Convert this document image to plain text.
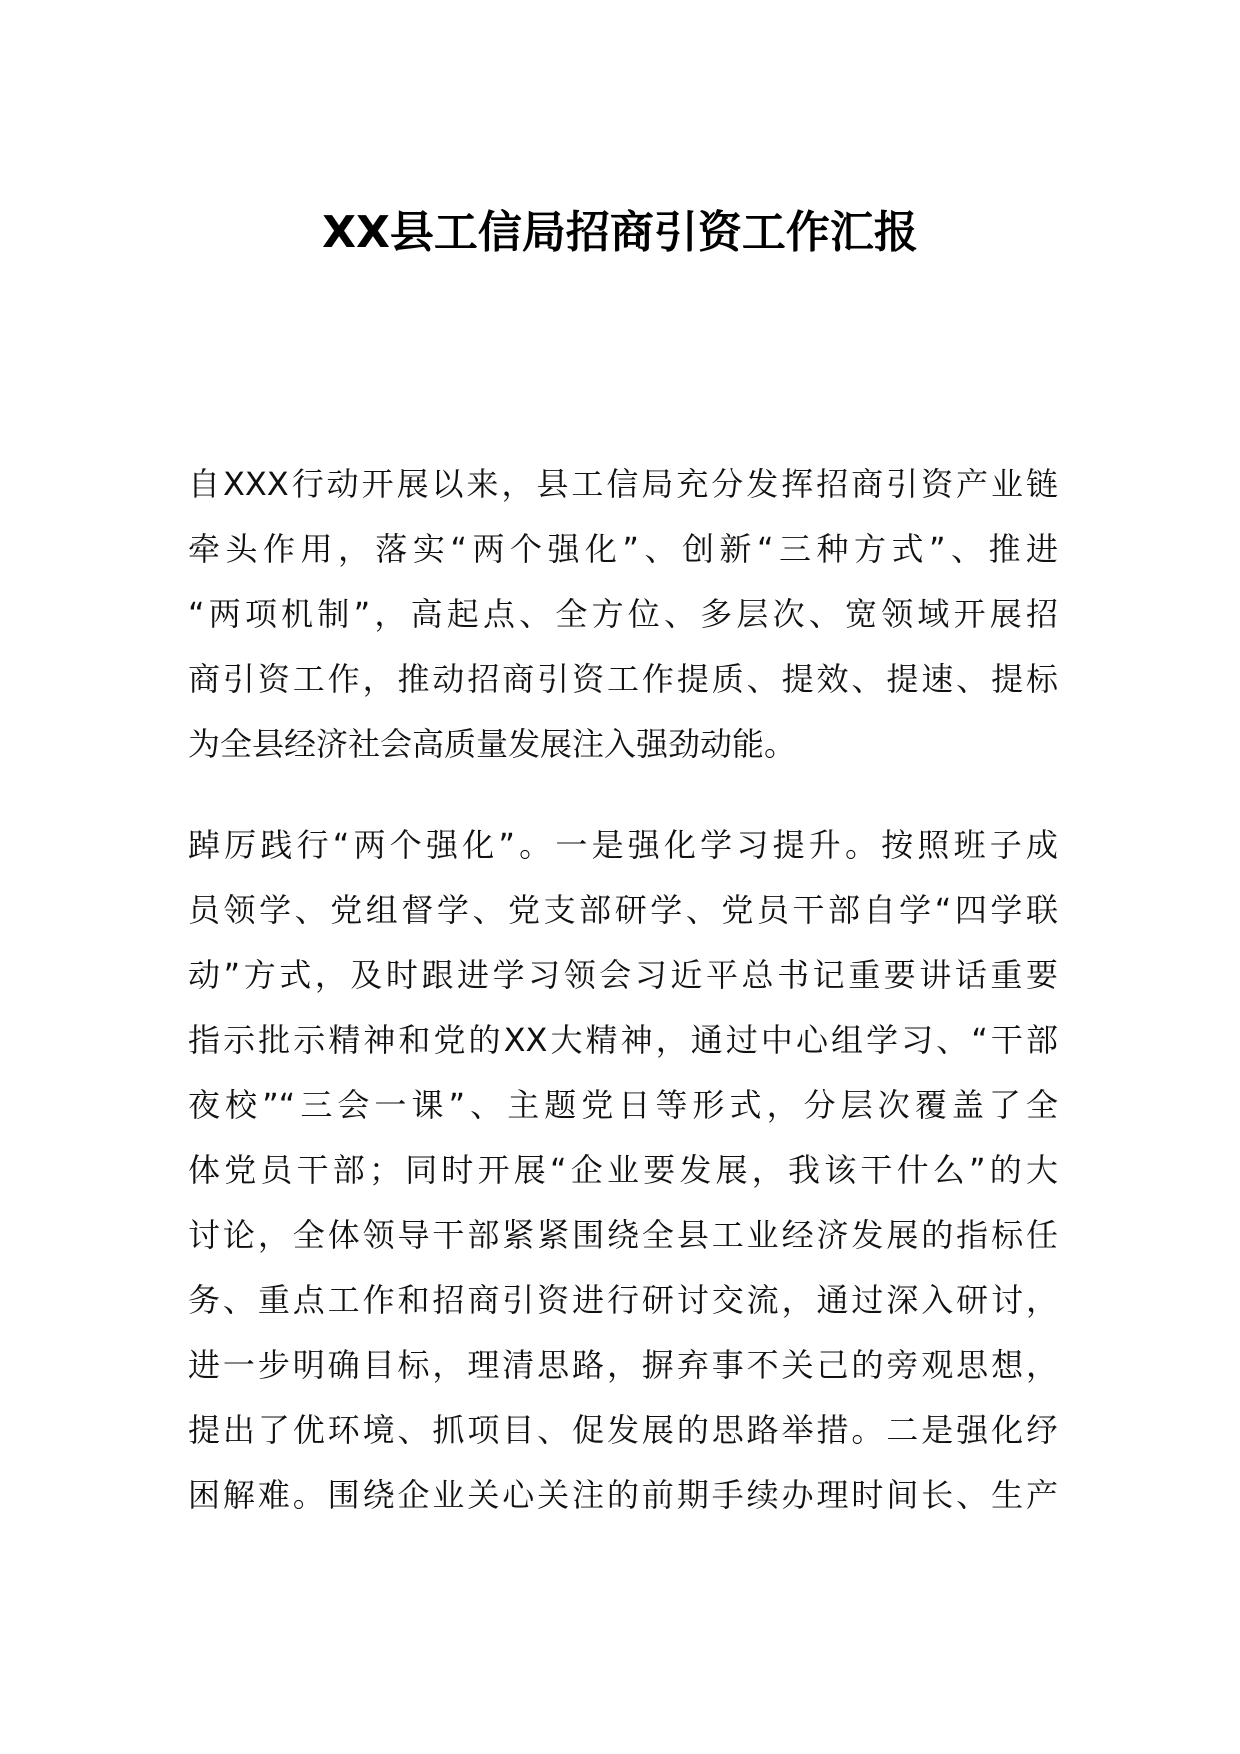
XX县工信局招商引资工作汇报
自XXX行动开展以来，县工信局充分发挥招商引资产业链
牵头作用，落实“两个强化”、创新“三种方式”、推进
“两项机制”，高起点、全方位、多层次、宽领域开展招
商引资工作，推动招商引资工作提质、提效、提速、提标
为全县经济社会高质量发展注入强劲动能。
踔厉践行“两个强化”。一是强化学习提升。按照班子成
员领学、党组督学、党支部研学、党员干部自学“四学联
动”方式，及时跟进学习领会习近平总书记重要讲话重要
指示批示精神和党的XX大精神，通过中心组学习、“干部
夜校”“三会一课”、主题党日等形式，分层次覆盖了全
体党员干部；同时开展“企业要发展，我该干什么”的大
讨论，全体领导干部紧紧围绕全县工业经济发展的指标任
务、重点工作和招商引资进行研讨交流，通过深入研讨，
进一步明确目标，理清思路，摒弃事不关己的旁观思想，
提出了优环境、抓项目、促发展的思路举措。二是强化纾
困解难。围绕企业关心关注的前期手续办理时间长、生产
